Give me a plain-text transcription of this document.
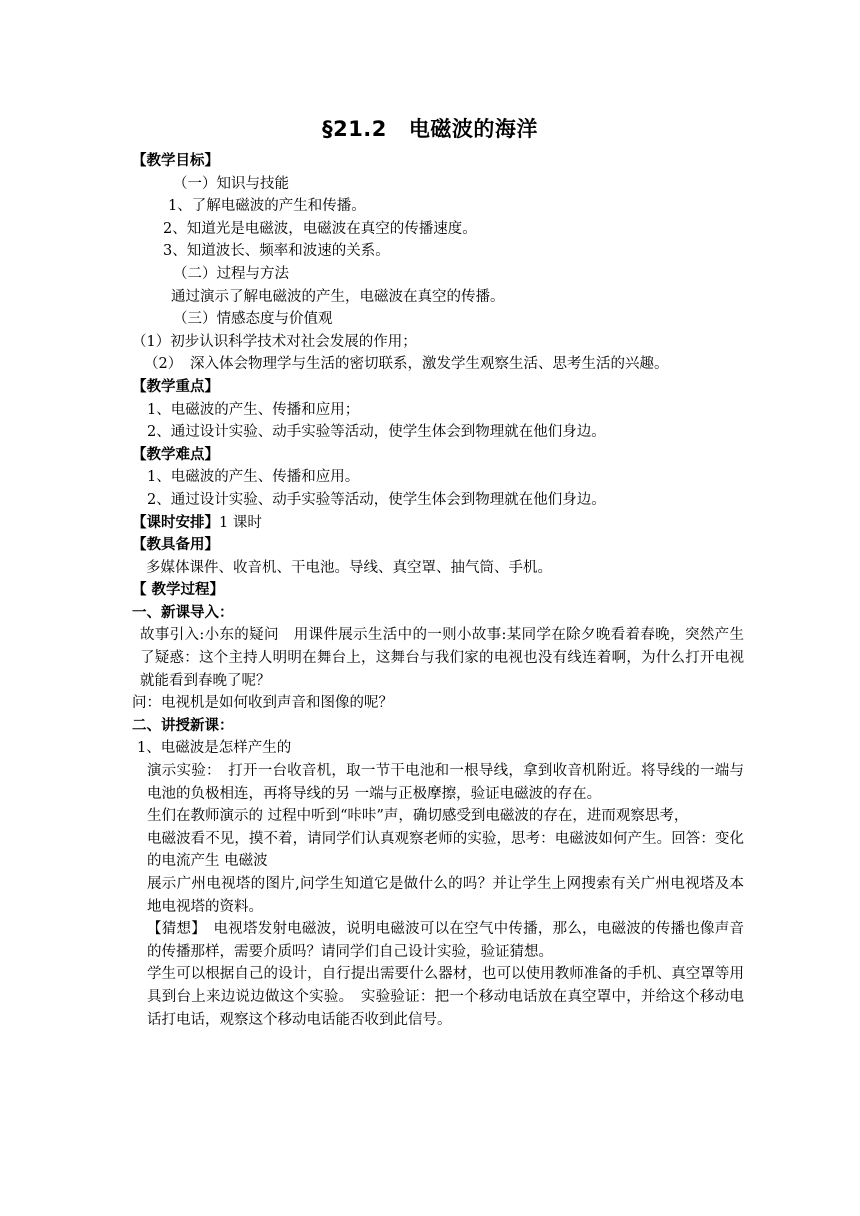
§21.2 电磁波的海洋
【教学目标】
（一）知识与技能
1、了解电磁波的产生和传播。
2、知道光是电磁波，电磁波在真空的传播速度。
3、知道波长、频率和波速的关系。
（二）过程与方法
通过演示了解电磁波的产生，电磁波在真空的传播。
（三）情感态度与价值观
（1）初步认识科学技术对社会发展的作用；
（2） 深入体会物理学与生活的密切联系，激发学生观察生活、思考生活的兴趣。
【教学重点】
1、电磁波的产生、传播和应用；
2、通过设计实验、动手实验等活动，使学生体会到物理就在他们身边。
【教学难点】
1、电磁波的产生、传播和应用。
2、通过设计实验、动手实验等活动，使学生体会到物理就在他们身边。
【课时安排】1 课时
【教具备用】
多媒体课件、收音机、干电池。导线、真空罩、抽气筒、手机。
【 教学过程】
一、新课导入：
故事引入:小东的疑问　用课件展示生活中的一则小故事:某同学在除夕晚看着春晚，突然产生了疑惑：这个主持人明明在舞台上，这舞台与我们家的电视也没有线连着啊，为什么打开电视就能看到春晚了呢？
问：电视机是如何收到声音和图像的呢？
二、讲授新课：
1、电磁波是怎样产生的
演示实验：　打开一台收音机，取一节干电池和一根导线，拿到收音机附近。将导线的一端与电池的负极相连，再将导线的另 一端与正极摩擦，验证电磁波的存在。
生们在教师演示的 过程中听到“咔咔”声，确切感受到电磁波的存在，进而观察思考，
电磁波看不见，摸不着，请同学们认真观察老师的实验，思考：电磁波如何产生。回答：变化的电流产生 电磁波
展示广州电视塔的图片,问学生知道它是做什么的吗？并让学生上网搜索有关广州电视塔及本地电视塔的资料。
【猜想】　电视塔发射电磁波，说明电磁波可以在空气中传播，那么，电磁波的传播也像声音的传播那样，需要介质吗？请同学们自己设计实验，验证猜想。
学生可以根据自己的设计，自行提出需要什么器材，也可以使用教师准备的手机、真空罩等用具到台上来边说边做这个实验。　实验验证：把一个移动电话放在真空罩中，并给这个移动电话打电话，观察这个移动电话能否收到此信号。
